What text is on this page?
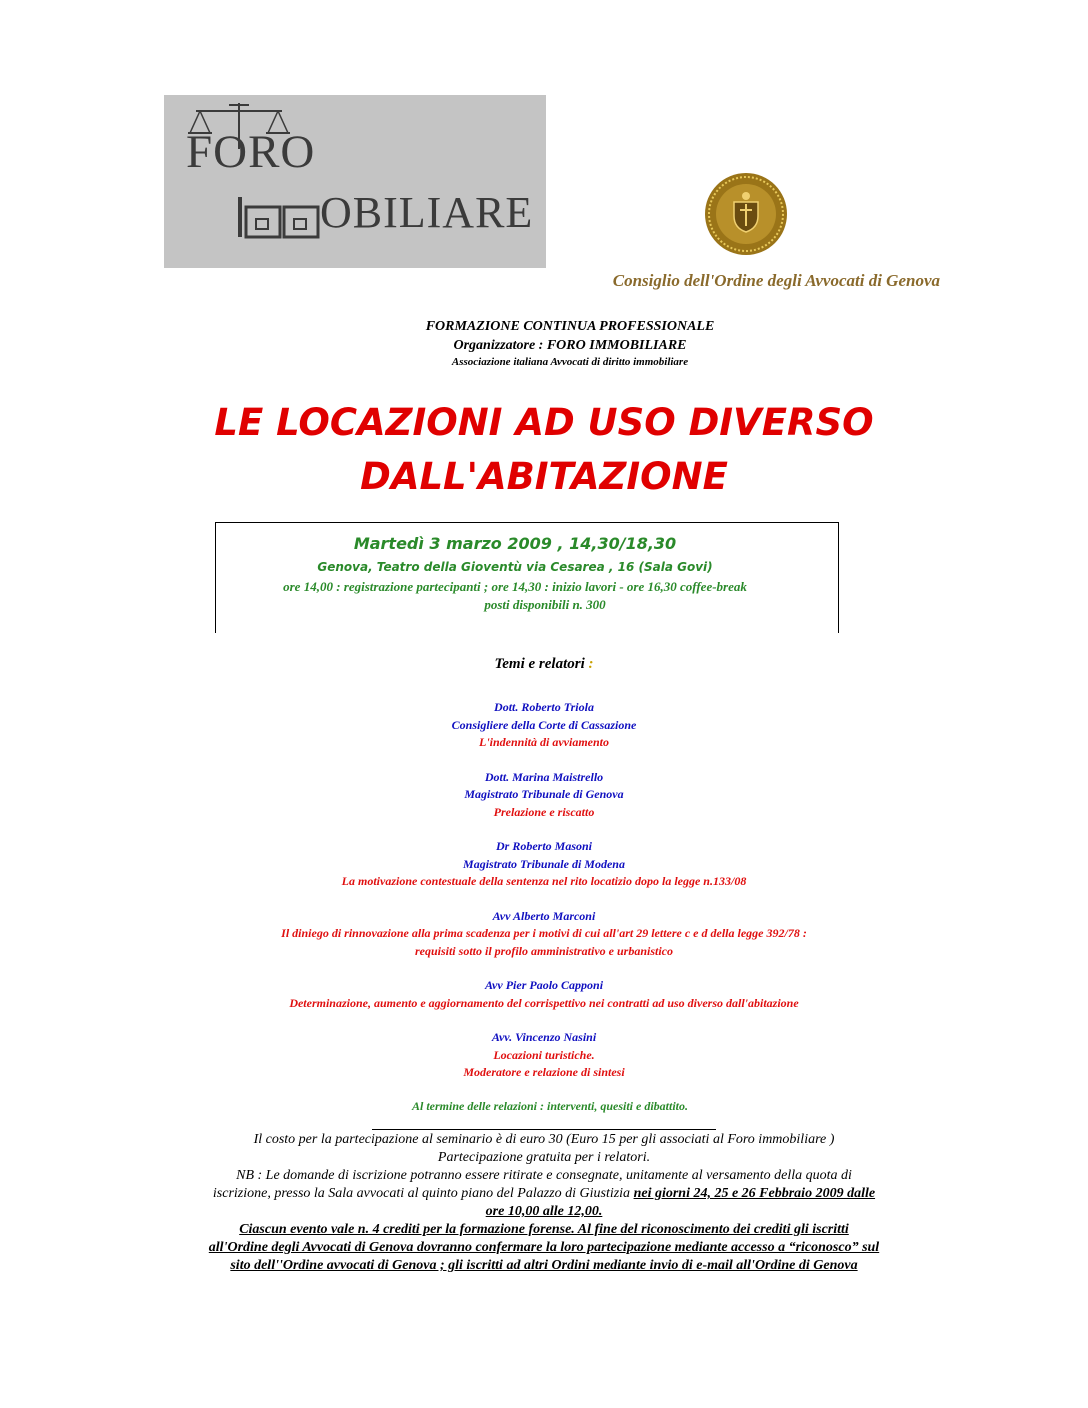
FORO
OBILIARE
Consiglio dell'Ordine degli Avvocati di Genova
FORMAZIONE CONTINUA PROFESSIONALE
Organizzatore : FORO IMMOBILIARE
Associazione italiana Avvocati di diritto immobiliare
LE LOCAZIONI AD USO DIVERSO
DALL'ABITAZIONE
Martedì 3 marzo 2009 , 14,30/18,30
Genova, Teatro della Gioventù via Cesarea , 16 (Sala Govi)
ore 14,00 : registrazione partecipanti ; ore 14,30 : inizio lavori - ore 16,30 coffee-break
posti disponibili n. 300
Temi e relatori :
Dott. Roberto Triola
Consigliere della Corte di Cassazione
L'indennità di avviamento
Dott. Marina Maistrello
Magistrato Tribunale di Genova
Prelazione e riscatto
Dr Roberto Masoni
Magistrato Tribunale di Modena
La motivazione contestuale della sentenza nel rito locatizio dopo la legge n.133/08
Avv Alberto Marconi
Il diniego di rinnovazione alla prima scadenza per i motivi di cui all'art 29 lettere c e d della legge 392/78 :
requisiti sotto il profilo amministrativo e urbanistico
Avv Pier Paolo Capponi
Determinazione, aumento e aggiornamento del corrispettivo nei contratti ad uso diverso dall'abitazione
Avv. Vincenzo Nasini
Locazioni turistiche.
Moderatore e relazione di sintesi
Al termine delle relazioni : interventi, quesiti e dibattito.
Il costo per la partecipazione al seminario è di euro 30 (Euro 15 per gli associati al Foro immobiliare )
Partecipazione gratuita per i relatori.
NB : Le domande di iscrizione potranno essere ritirate e consegnate, unitamente al versamento della quota di
iscrizione, presso la Sala avvocati al quinto piano del Palazzo di Giustizia nei giorni 24, 25 e 26 Febbraio 2009 dalle
ore 10,00 alle 12,00.
Ciascun evento vale n. 4 crediti per la formazione forense. Al fine del riconoscimento dei crediti gli iscritti
all'Ordine degli Avvocati di Genova dovranno confermare la loro partecipazione mediante accesso a “riconosco” sul
sito dell''Ordine avvocati di Genova ; gli iscritti ad altri Ordini mediante invio di e-mail all'Ordine di Genova
